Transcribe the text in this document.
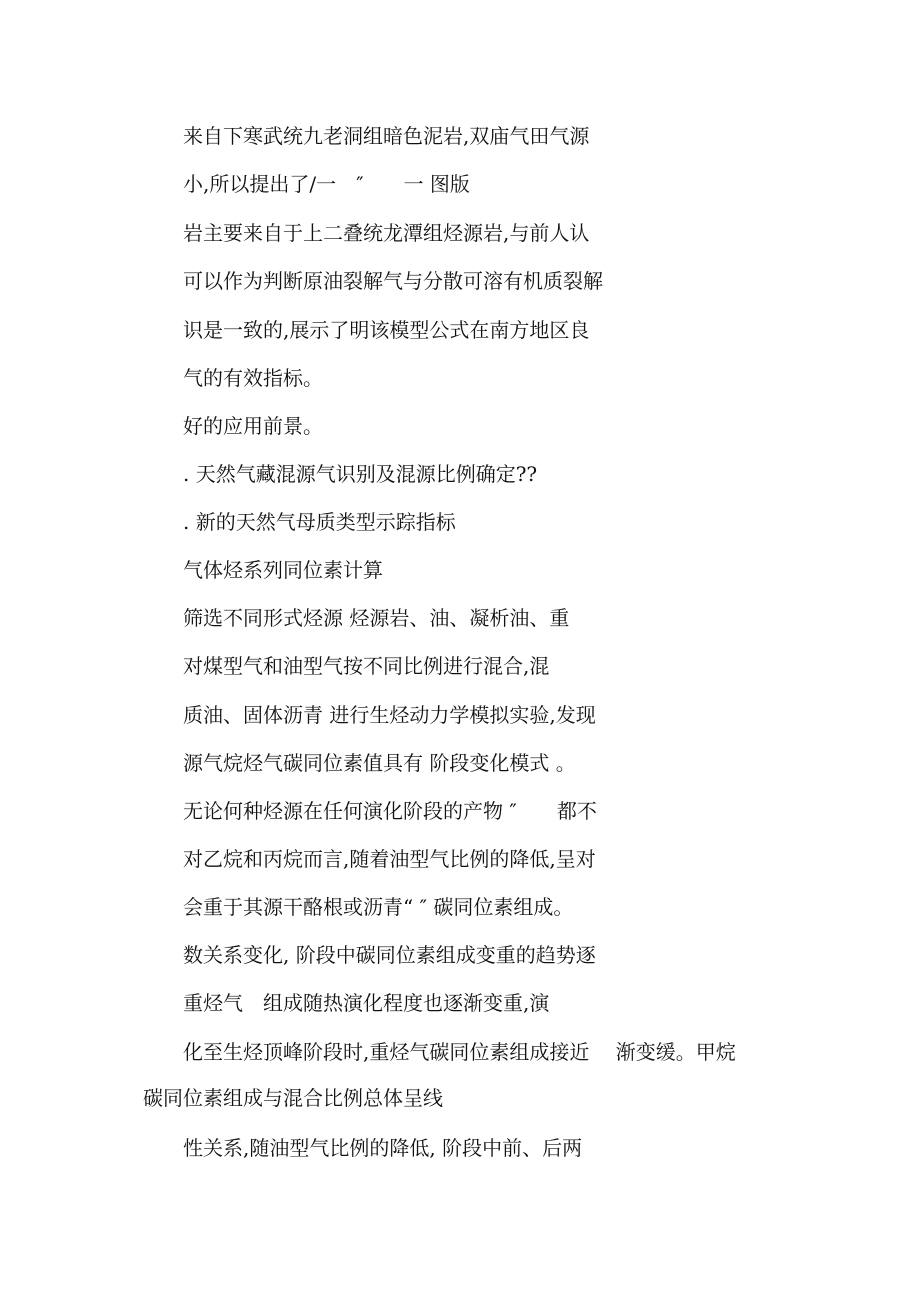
来自下寒武统九老洞组暗色泥岩,双庙气田气源

小,所以提出了/一　″　　一 图版

岩主要来自于上二叠统龙潭组烃源岩,与前人认

可以作为判断原油裂解气与分散可溶有机质裂解

识是一致的,展示了明该模型公式在南方地区良

气的有效指标。

好的应用前景。

. 天然气藏混源气识别及混源比例确定??

. 新的天然气母质类型示踪指标

气体烃系列同位素计算

筛选不同形式烃源 烃源岩、油、凝析油、重

对煤型气和油型气按不同比例进行混合,混

质油、固体沥青 进行生烃动力学模拟实验,发现

源气烷烃气碳同位素值具有 阶段变化模式 。

无论何种烃源在任何演化阶段的产物 ″　　都不

对乙烷和丙烷而言,随着油型气比例的降低,呈对

会重于其源干酪根或沥青“ ″ 碳同位素组成。

数关系变化, 阶段中碳同位素组成变重的趋势逐

重烃气　组成随热演化程度也逐渐变重,演

化至生烃顶峰阶段时,重烃气碳同位素组成接近　 渐变缓。甲烷

碳同位素组成与混合比例总体呈线

性关系,随油型气比例的降低, 阶段中前、后两
